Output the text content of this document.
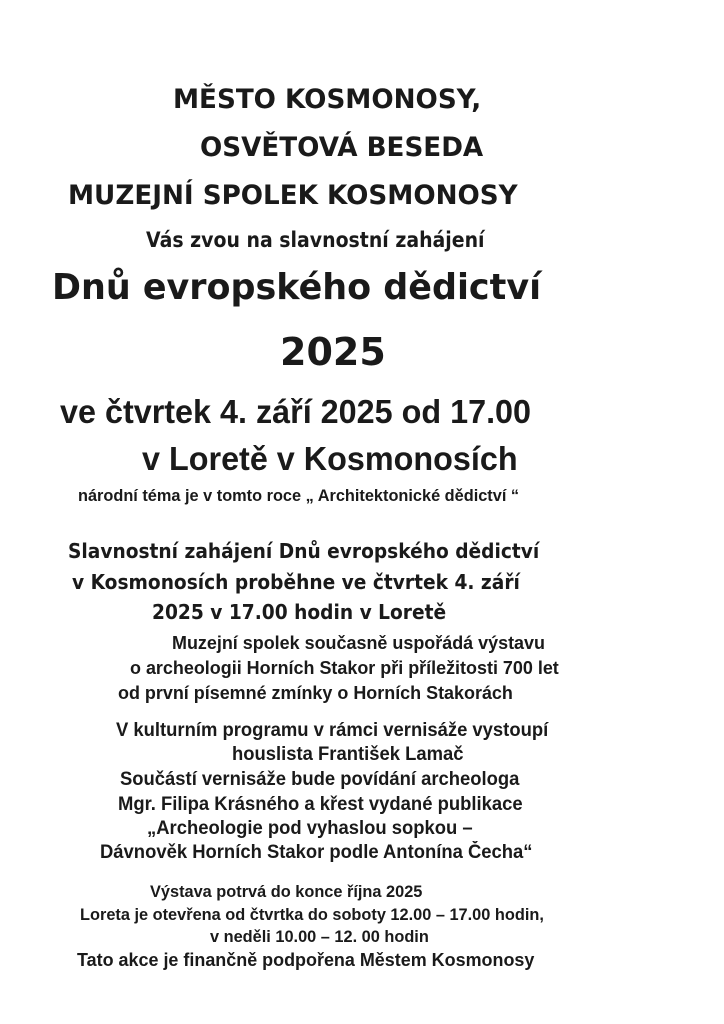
MĚSTO KOSMONOSY,
OSVĚTOVÁ BESEDA
MUZEJNÍ SPOLEK KOSMONOSY
Vás zvou na slavnostní zahájení
Dnů evropského dědictví
2025
ve čtvrtek 4. září 2025 od 17.00
v Loretě v Kosmonosích
národní téma je v tomto roce „ Architektonické dědictví “
Slavnostní zahájení Dnů evropského dědictví
v Kosmonosích proběhne ve čtvrtek 4. září
2025 v 17.00 hodin v Loretě
Muzejní spolek současně uspořádá výstavu
o archeologii Horních Stakor při příležitosti 700 let
od první písemné zmínky o Horních Stakorách
V kulturním programu v rámci vernisáže vystoupí
houslista František Lamač
Součástí vernisáže bude povídání archeologa
Mgr. Filipa Krásného a křest vydané publikace
„Archeologie pod vyhaslou sopkou –
Dávnověk Horních Stakor podle Antonína Čecha“
Výstava potrvá do konce října 2025
Loreta je otevřena od čtvrtka do soboty 12.00 – 17.00 hodin,
v neděli 10.00 – 12. 00 hodin
Tato akce je finančně podpořena Městem Kosmonosy
